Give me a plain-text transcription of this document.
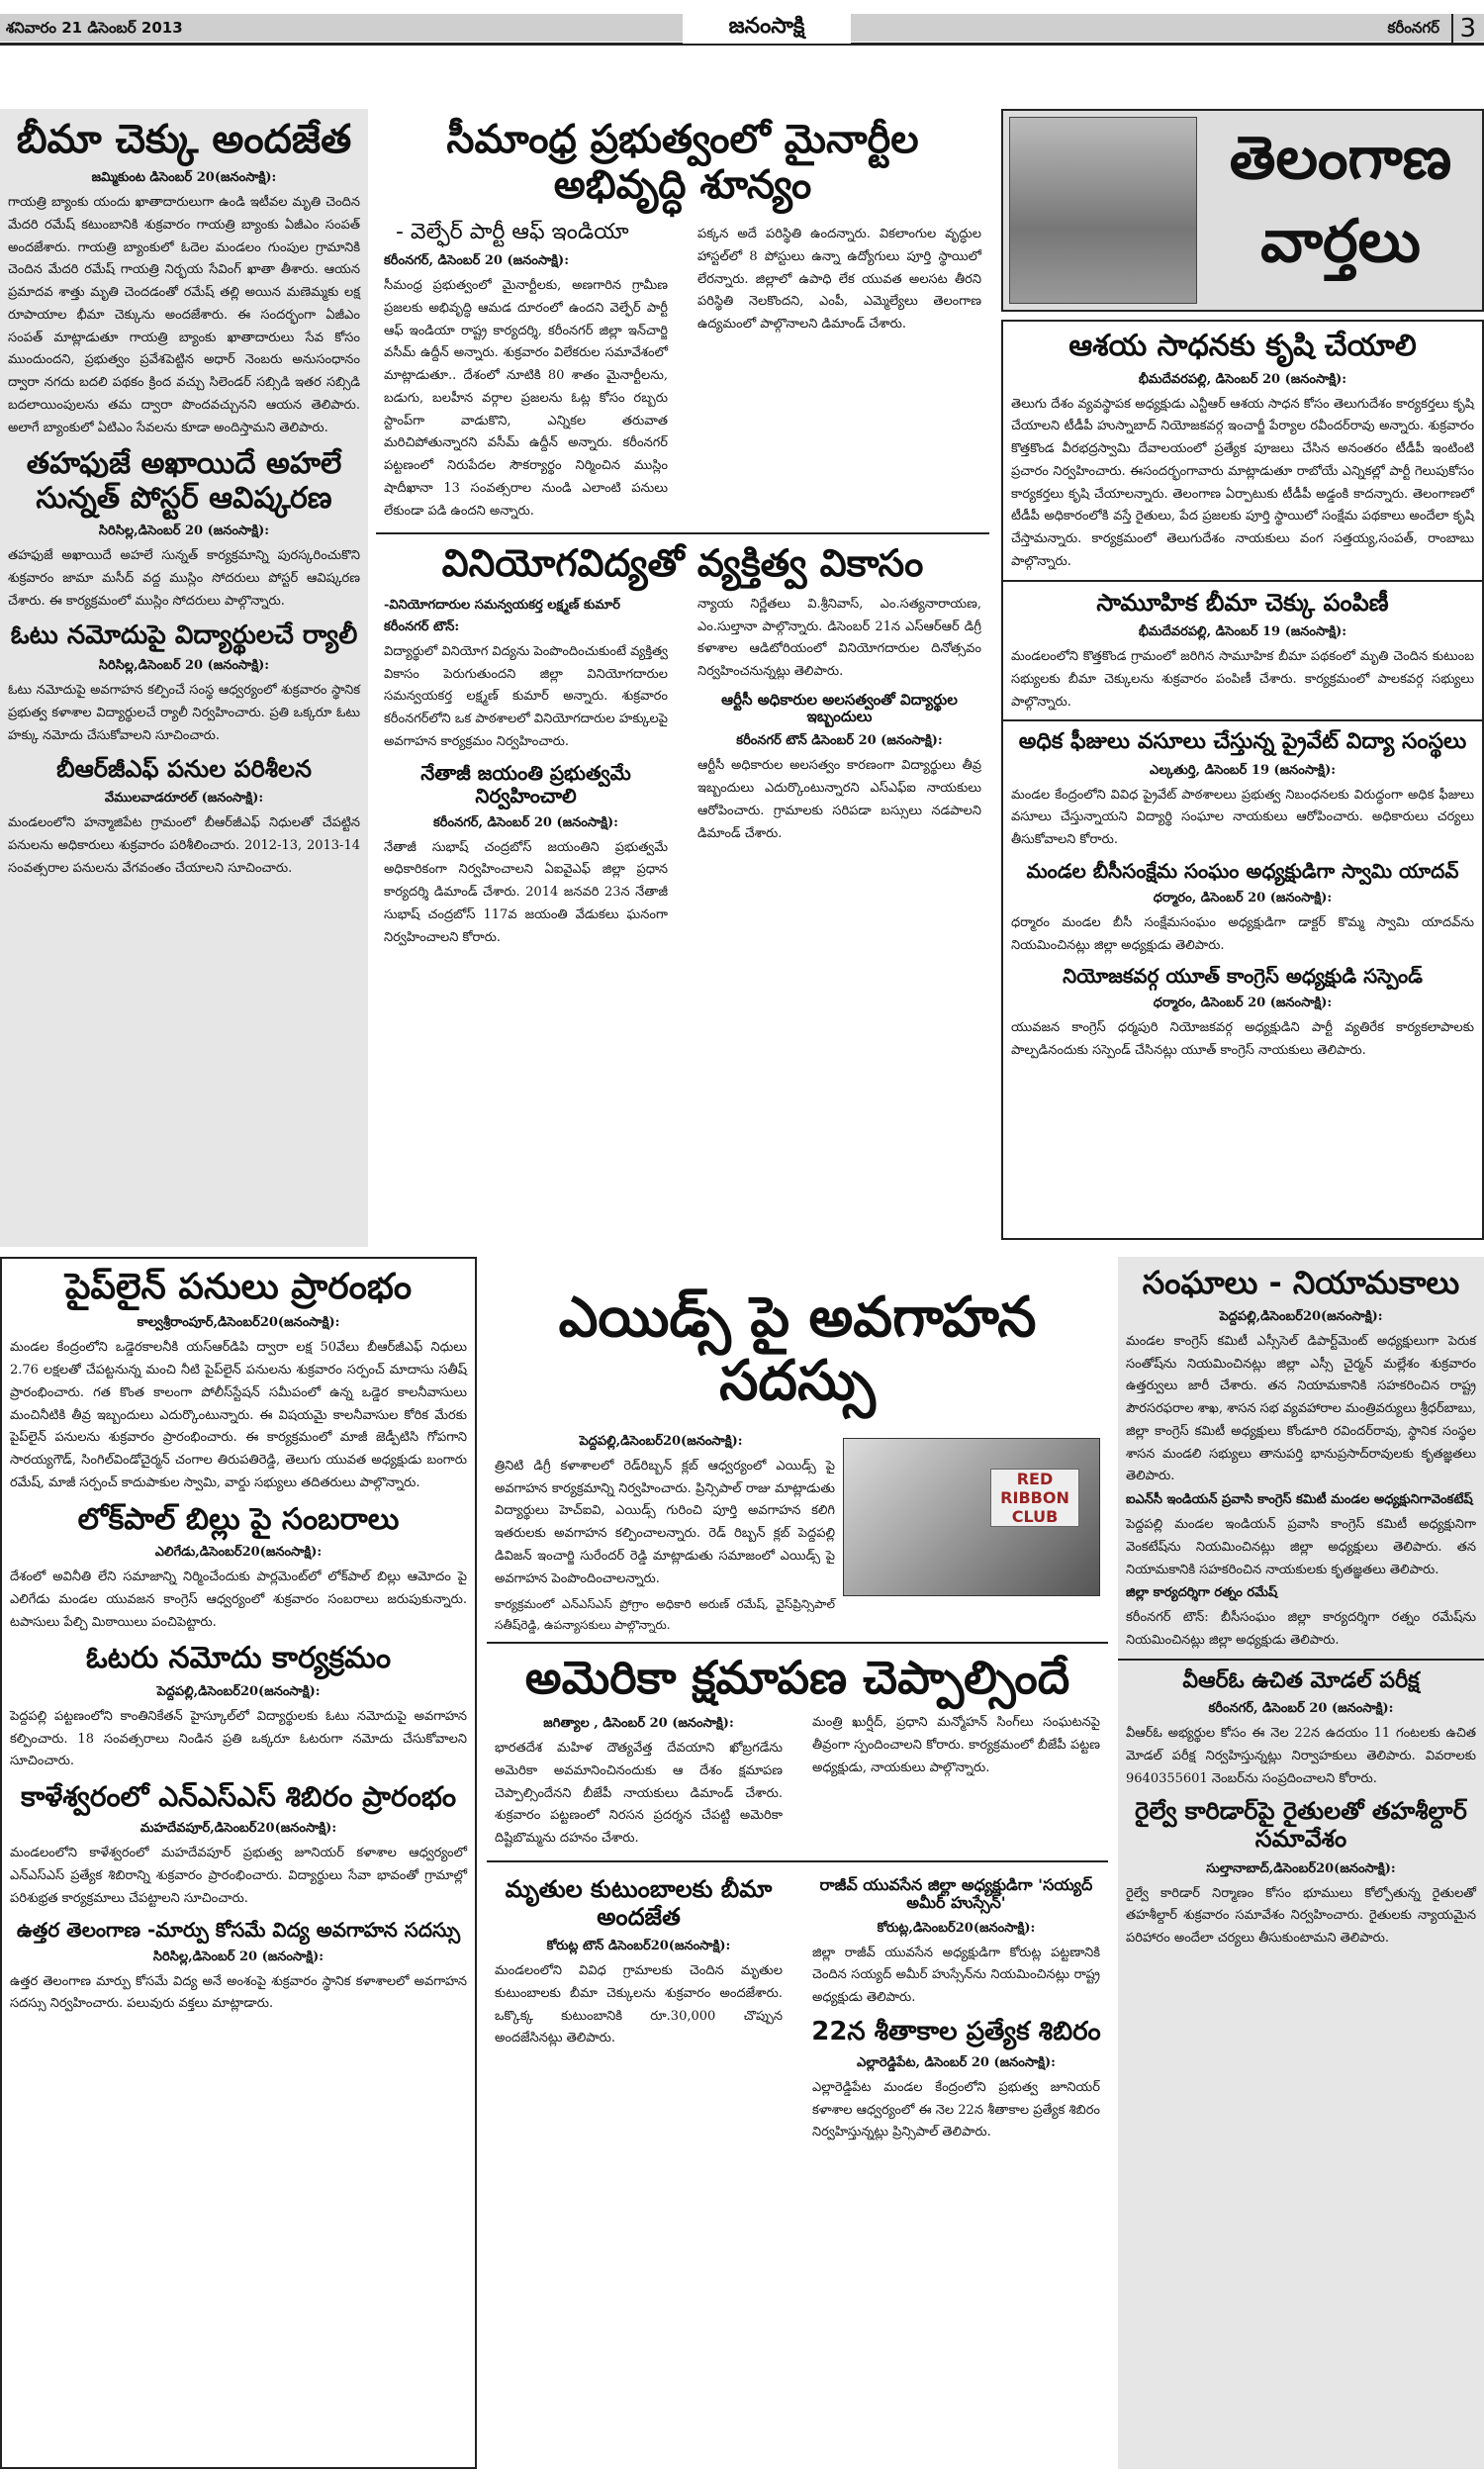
శనివారం 21 డిసెంబర్ 2013	జనంసాక్షి	కరీంనగర్ 3
బీమా చెక్కు అందజేత
జమ్మికుంట డిసెంబర్ 20(జనంసాక్షి):

గాయత్రి బ్యాంకు యందు ఖాతాదారులుగా ఉండి ఇటీవల మృతి చెందిన మేదరి రమేష్ కటుంబానికి శుక్రవారం గాయత్రి బ్యాంకు ఏజీఎం సంపత్ అందజేశారు. గాయత్రి బ్యాంకులో ఓదెల మండలం గుంపుల గ్రామానికి చెందిన మేదరి రమేష్ గాయత్రి నిర్భయ సేవింగ్ ఖాతా తీశారు. ఆయన ప్రమాదవ శాత్తు మృతి చెందడంతో రమేష్ తల్లి అయిన మణెమ్మకు లక్ష రూపాయాల భీమా చెక్కును అందజేశారు. ఈ సందర్భంగా ఏజీఎం సంపత్ మాట్లాడుతూ గాయత్రి బ్యాంకు ఖాతాదారులు సేవ కోసం ముందుందని, ప్రభుత్వం ప్రవేశపెట్టిన అధార్ నెంబరు అనుసంధానం ద్వారా నగదు బదలి పథకం క్రింద వచ్చు సిలెండర్ సబ్సిడి ఇతర సబ్సిడి బదలాయింపులను తమ ద్వారా పొందవచ్చునని ఆయన తెలిపారు. అలాగే బ్యాంకులో ఏటిఎం సేవలను కూడా అందిస్తామని తెలిపారు.

తహఫుజే అఖాయిదే అహలే సున్నత్ పోస్టర్ ఆవిష్కరణ
సిరిసిల్ల,డిసెంబర్ 20 (జనంసాక్షి):

తహఫుజే అఖాయిదే అహలే సున్నత్ కార్యక్రమాన్ని పురస్కరించుకొని శుక్రవారం జామా మసీద్ వద్ద ముస్లిం సోదరులు పోస్టర్ ఆవిష్కరణ చేశారు. ఈ కార్యక్రమంలో ముస్లిం సోదరులు పాల్గొన్నారు.

ఓటు నమోదుపై విద్యార్థులచే ర్యాలీ
సిరిసిల్ల,డిసెంబర్ 20 (జనంసాక్షి):

ఓటు నమోదుపై అవగాహన కల్పించే సంస్థ ఆధ్వర్యంలో శుక్రవారం స్థానిక ప్రభుత్వ కళాశాల విద్యార్థులచే ర్యాలీ నిర్వహించారు. ప్రతి ఒక్కరూ ఓటు హక్కు నమోదు చేసుకోవాలని సూచించారు.

బీఆర్‌జీఎఫ్ పనుల పరిశీలన
వేములవాడరూరల్ (జనంసాక్షి):

మండలంలోని హన్మాజిపేట గ్రామంలో బీఆర్‌జీఎఫ్ నిధులతో చేపట్టిన పనులను అధికారులు శుక్రవారం పరిశీలించారు. 2012-13, 2013-14 సంవత్సరాల పనులను వేగవంతం చేయాలని సూచించారు.

సీమాంధ్ర ప్రభుత్వంలో మైనార్టీల అభివృద్ధి శూన్యం
- వెల్ఫేర్ పార్టీ ఆఫ్ ఇండియా
కరీంనగర్, డిసెంబర్ 20 (జనంసాక్షి):

సీమంధ్ర ప్రభుత్వంలో మైనార్టీలకు, అణగారిన గ్రామీణ ప్రజలకు అభివృద్ధి ఆమడ దూరంలో ఉందని వెల్ఫేర్ పార్టీ ఆఫ్ ఇండియా రాష్ట్ర కార్యదర్శి, కరీంనగర్ జిల్లా ఇన్‌చార్జి వసీమ్ ఉద్దీన్ అన్నారు. శుక్రవారం విలేకరుల సమావేశంలో మాట్లాడుతూ.. దేశంలో నూటికి 80 శాతం మైనార్టీలను, బడుగు, బలహీన వర్గాల ప్రజలను ఓట్ల కోసం రబ్బరు స్టాంప్‌గా వాడుకొని, ఎన్నికల తరువాత మరిచిపోతున్నారని వసీమ్ ఉద్దీన్ అన్నారు. కరీంనగర్ పట్టణంలో నిరుపేదల సౌకర్యార్థం నిర్మించిన ముస్లిం షాదీఖానా 13 సంవత్సరాల నుండి ఎలాంటి పనులు లేకుండా పడి ఉందని అన్నారు.

పక్కన అదే పరిస్థితి ఉందన్నారు. వికలాంగుల వృద్ధుల హాస్టల్‌లో 8 పోస్టులు ఉన్నా ఉద్యోగులు పూర్తి స్థాయిలో లేరన్నారు. జిల్లాలో ఉపాధి లేక యువత అలసట తీరని పరిస్థితి నెలకొందని, ఎంపీ, ఎమ్మెల్యేలు తెలంగాణ ఉద్యమంలో పాల్గొనాలని డిమాండ్ చేశారు.

వినియోగవిద్యతో వ్యక్తిత్వ వికాసం
-వినియోగదారుల సమన్వయకర్త లక్ష్మణ్ కుమార్
కరీంనగర్ టౌన్:

విద్యార్థులో వినియోగ విద్యను పెంపొందించుకుంటే వ్యక్తిత్వ వికాసం పెరుగుతుందని జిల్లా వినియోగదారుల సమన్వయకర్త లక్ష్మణ్ కుమార్ అన్నారు. శుక్రవారం కరీంనగర్‌లోని ఒక పాఠశాలలో వినియోగదారుల హక్కులపై అవగాహన కార్యక్రమం నిర్వహించారు.

నేతాజీ జయంతి ప్రభుత్వమే నిర్వహించాలి
కరీంనగర్, డిసెంబర్ 20 (జనంసాక్షి):

నేతాజీ సుభాష్ చంద్రబోస్ జయంతిని ప్రభుత్వమే అధికారికంగా నిర్వహించాలని ఏఐవైఎఫ్ జిల్లా ప్రధాన కార్యదర్శి డిమాండ్ చేశారు. 2014 జనవరి 23న నేతాజీ సుభాష్ చంద్రబోస్ 117వ జయంతి వేడుకలు ఘనంగా నిర్వహించాలని కోరారు.

న్యాయ నిర్ణేతలు వి.శ్రీనివాస్, ఎం.సత్యనారాయణ, ఎం.సుల్తానా పాల్గొన్నారు. డిసెంబర్ 21న ఎస్‌ఆర్‌ఆర్ డిగ్రీ కళాశాల ఆడిటోరియంలో వినియోగదారుల దినోత్సవం నిర్వహించనున్నట్లు తెలిపారు.

ఆర్టీసీ అధికారుల అలసత్వంతో విద్యార్థుల ఇబ్బందులు
కరీంనగర్ టౌన్ డిసెంబర్ 20 (జనంసాక్షి):

ఆర్టీసీ అధికారుల అలసత్వం కారణంగా విద్యార్థులు తీవ్ర ఇబ్బందులు ఎదుర్కొంటున్నారని ఎస్‌ఎఫ్‌ఐ నాయకులు ఆరోపించారు. గ్రామాలకు సరిపడా బస్సులు నడపాలని డిమాండ్ చేశారు.

తెలంగాణ
వార్తలు
ఆశయ సాధనకు కృషి చేయాలి
భీమదేవరపల్లి, డిసెంబర్ 20 (జనంసాక్షి):

తెలుగు దేశం వ్యవస్థాపక అధ్యక్షుడు ఎన్టీఆర్ ఆశయ సాధన కోసం తెలుగుదేశం కార్యకర్తలు కృషి చేయాలని టీడీపీ హుస్నాబాద్ నియోజకవర్గ ఇంచార్జీ పేర్యాల రవీందర్‌రావు అన్నారు. శుక్రవారం కొత్తకొండ వీరభద్రస్వామి దేవాలయంలో ప్రత్యేక పూజలు చేసిన అనంతరం టీడీపీ ఇంటింటి ప్రచారం నిర్వహించారు. ఈసందర్భంగావారు మాట్లాడుతూ రాబోయే ఎన్నికల్లో పార్టీ గెలుపుకోసం కార్యకర్తలు కృషి చేయాలన్నారు. తెలంగాణ ఏర్పాటుకు టీడీపీ అడ్డంకి కాదన్నారు. తెలంగాణలో టీడీపీ అధికారంలోకి వస్తే రైతులు, పేద ప్రజలకు పూర్తి స్థాయిలో సంక్షేమ పథకాలు అందేలా కృషి చేస్తామన్నారు. కార్యక్రమంలో తెలుగుదేశం నాయకులు వంగ సత్తయ్య,సంపత్, రాంబాబు పాల్గొన్నారు.

సామూహిక బీమా చెక్కు పంపిణీ
భీమదేవరపల్లి, డిసెంబర్ 19 (జనంసాక్షి):

మండలంలోని కొత్తకొండ గ్రామంలో జరిగిన సామూహిక బీమా పథకంలో మృతి చెందిన కుటుంబ సభ్యులకు బీమా చెక్కులను శుక్రవారం పంపిణీ చేశారు. కార్యక్రమంలో పాలకవర్గ సభ్యులు పాల్గొన్నారు.

అధిక ఫీజులు వసూలు చేస్తున్న ప్రైవేట్ విద్యా సంస్థలు
ఎల్కతుర్తి, డిసెంబర్ 19 (జనంసాక్షి):

మండల కేంద్రంలోని వివిధ ప్రైవేట్ పాఠశాలలు ప్రభుత్వ నిబంధనలకు విరుద్ధంగా అధిక ఫీజులు వసూలు చేస్తున్నాయని విద్యార్థి సంఘాల నాయకులు ఆరోపించారు. అధికారులు చర్యలు తీసుకోవాలని కోరారు.

మండల బీసీసంక్షేమ సంఘం అధ్యక్షుడిగా స్వామి యాదవ్
ధర్మారం, డిసెంబర్ 20 (జనంసాక్షి):

ధర్మారం మండల బీసీ సంక్షేమసంఘం అధ్యక్షుడిగా డాక్టర్ కొమ్మ స్వామి యాదవ్‌ను నియమించినట్లు జిల్లా అధ్యక్షుడు తెలిపారు.

నియోజకవర్గ యూత్ కాంగ్రెస్ అధ్యక్షుడి సస్పెండ్
ధర్మారం, డిసెంబర్ 20 (జనంసాక్షి):

యువజన కాంగ్రెస్ ధర్మపురి నియోజకవర్గ అధ్యక్షుడిని పార్టీ వ్యతిరేక కార్యకలాపాలకు పాల్పడినందుకు సస్పెండ్ చేసినట్లు యూత్ కాంగ్రెస్ నాయకులు తెలిపారు.

పైప్‌లైన్ పనులు ప్రారంభం
కాల్వశ్రీరాంపూర్,డిసెంబర్20(జనంసాక్షి):

మండల కేంద్రంలోని ఒడ్డెరకాలనీకి యస్‌ఆర్‌డిపి ద్వారా లక్ష 50వేలు బీఆర్‌జీఎఫ్ నిధులు 2.76 లక్షలతో చేపట్టనున్న మంచి నీటి పైప్‌లైన్ పనులను శుక్రవారం సర్పంచ్ మాదాసు సతీష్ ప్రారంభించారు. గత కొంత కాలంగా పోలీస్‌స్టేషన్ సమీపంలో ఉన్న ఒడ్డెర కాలనీవాసులు మంచినీటికి తీవ్ర ఇబ్బందులు ఎదుర్కొంటున్నారు. ఈ విషయమై కాలనీవాసుల కోరిక మేరకు పైప్‌లైన్ పనులను శుక్రవారం ప్రారంభించారు. ఈ కార్యక్రమంలో మాజీ జెడ్పీటిసి గోపగాని సారయ్యగౌడ్, సింగిల్‌విండోచైర్మన్ చంగాల తిరుపతిరెడ్డి, తెలుగు యువత అధ్యక్షుడు బంగారు రమేష్, మాజీ సర్పంచ్ కాదుపాకుల స్వామి, వార్డు సభ్యులు తదితరులు పాల్గొన్నారు.

లోక్‌పాల్ బిల్లు పై సంబరాలు
ఎలిగేడు,డిసెంబర్20(జనంసాక్షి):

దేశంలో అవినీతి లేని సమాజాన్ని నిర్మించేందుకు పార్లమెంట్‌లో లోక్‌పాల్ బిల్లు ఆమోదం పై ఎలిగేడు మండల యువజన కాంగ్రెస్ ఆధ్వర్యంలో శుక్రవారం సంబరాలు జరుపుకున్నారు. టపాసులు పేల్చి మిఠాయిలు పంచిపెట్టారు.

ఓటరు నమోదు కార్యక్రమం
పెద్దపల్లి,డిసెంబర్20(జనంసాక్షి):

పెద్దపల్లి పట్టణంలోని కాంతినికేతన్ హైస్కూల్‌లో విద్యార్థులకు ఓటు నమోదుపై అవగాహన కల్పించారు. 18 సంవత్సరాలు నిండిన ప్రతి ఒక్కరూ ఓటరుగా నమోదు చేసుకోవాలని సూచించారు.

కాళేశ్వరంలో ఎన్ఎస్ఎస్ శిబిరం ప్రారంభం
మహదేవపూర్,డిసెంబర్20(జనంసాక్షి):

మండలంలోని కాళేశ్వరంలో మహదేవపూర్ ప్రభుత్వ జూనియర్ కళాశాల ఆధ్వర్యంలో ఎన్ఎస్ఎస్ ప్రత్యేక శిబిరాన్ని శుక్రవారం ప్రారంభించారు. విద్యార్థులు సేవా భావంతో గ్రామాల్లో పరిశుభ్రత కార్యక్రమాలు చేపట్టాలని సూచించారు.

ఉత్తర తెలంగాణ -మార్పు కోసమే విద్య అవగాహన సదస్సు
సిరిసిల్ల,డిసెంబర్ 20 (జనంసాక్షి):

ఉత్తర తెలంగాణ మార్పు కోసమే విద్య అనే అంశంపై శుక్రవారం స్థానిక కళాశాలలో అవగాహన సదస్సు నిర్వహించారు. పలువురు వక్తలు మాట్లాడారు.

ఎయిడ్స్ పై అవగాహన సదస్సు
RED RIBBON CLUB
పెద్దపల్లి,డిసెంబర్20(జనంసాక్షి):

త్రినిటి డిగ్రీ కళాశాలలో రెడ్‌రిబ్బన్ క్లబ్ ఆధ్వర్యంలో ఎయిడ్స్ పై అవగాహన కార్యక్రమాన్ని నిర్వహించారు. ప్రిన్సిపాల్ రాజు మాట్లాడుతు విద్యార్థులు హెచ్‌ఐవి, ఎయిడ్స్ గురించి పూర్తి అవగాహన కలిగి ఇతరులకు అవగాహన కల్పించాలన్నారు. రెడ్ రిబ్బన్ క్లబ్ పెద్దపల్లి డివిజన్ ఇంచార్జి సురేందర్ రెడ్డి మాట్లాడుతు సమాజంలో ఎయిడ్స్ పై అవగాహన పెంపొందించాలన్నారు.

కార్యక్రమంలో ఎన్ఎస్ఎస్ ప్రోగ్రాం అధికారి అరుణ్ రమేష్, వైస్‌ప్రిన్సిపాల్ సతీష్‌రెడ్డి, ఉపన్యాసకులు పాల్గొన్నారు.

అమెరికా క్షమాపణ చెప్పాల్సిందే
జగిత్యాల , డిసెంబర్ 20 (జనంసాక్షి):

భారతదేశ మహిళ దౌత్యవేత్త దేవయాని ఖోబ్రగడేను అమెరికా అవమానించినందుకు ఆ దేశం క్షమాపణ చెప్పాల్సిందేనని బీజేపీ నాయకులు డిమాండ్ చేశారు. శుక్రవారం పట్టణంలో నిరసన ప్రదర్శన చేపట్టి అమెరికా దిష్టిబొమ్మను దహనం చేశారు.

మంత్రి ఖుర్షీద్, ప్రధాని మన్మోహన్ సింగ్‌లు సంఘటనపై తీవ్రంగా స్పందించాలని కోరారు. కార్యక్రమంలో బీజేపీ పట్టణ అధ్యక్షుడు, నాయకులు పాల్గొన్నారు.

మృతుల కుటుంబాలకు బీమా అందజేత
కోరుట్ల టౌన్ డిసెంబర్20(జనంసాక్షి):

మండలంలోని వివిధ గ్రామాలకు చెందిన మృతుల కుటుంబాలకు బీమా చెక్కులను శుక్రవారం అందజేశారు. ఒక్కొక్క కుటుంబానికి రూ.30,000 చొప్పున అందజేసినట్లు తెలిపారు.

రాజీవ్ యువసేన జిల్లా అధ్యక్షుడిగా 'సయ్యద్ అమీర్ హుస్సేన్'
కోరుట్ల,డిసెంబర్20(జనంసాక్షి):

జిల్లా రాజీవ్ యువసేన అధ్యక్షుడిగా కోరుట్ల పట్టణానికి చెందిన సయ్యద్ అమీర్ హుస్సేన్‌ను నియమించినట్లు రాష్ట్ర అధ్యక్షుడు తెలిపారు.

22న శీతాకాల ప్రత్యేక శిబిరం
ఎల్లారెడ్డిపేట, డిసెంబర్ 20 (జనంసాక్షి):

ఎల్లారెడ్డిపేట మండల కేంద్రంలోని ప్రభుత్వ జూనియర్ కళాశాల ఆధ్వర్యంలో ఈ నెల 22న శీతాకాల ప్రత్యేక శిబిరం నిర్వహిస్తున్నట్లు ప్రిన్సిపాల్ తెలిపారు.

సంఘాలు - నియామకాలు
పెద్దపల్లి,డిసెంబర్20(జనంసాక్షి):

మండల కాంగ్రెస్ కమిటీ ఎస్సీసెల్ డిపార్ట్‌మెంట్ అధ్యక్షులుగా పెరుక సంతోష్‌ను నియమించినట్లు జిల్లా ఎస్సీ చైర్మన్ మల్లేశం శుక్రవారం ఉత్తర్వులు జారీ చేశారు. తన నియామకానికి సహకరించిన రాష్ట్ర పౌరసరఫరాల శాఖ, శాసన సభ వ్యవహారాల మంత్రివర్యులు శ్రీధర్‌బాబు, జిల్లా కాంగ్రెస్ కమిటీ అధ్యక్షులు కోండూరి రవిందర్‌రావు, స్థానిక సంస్థల శాసన మండలి సభ్యులు తానుపర్తి భానుప్రసాద్‌రావులకు కృతజ్ఞతలు తెలిపారు.

ఐఎన్‌సీ ఇండియన్ ప్రవాసి కాంగ్రెస్ కమిటీ మండల అధ్యక్షునిగావెంకటేష్

పెద్దపల్లి మండల ఇండియన్ ప్రవాసి కాంగ్రెస్ కమిటీ అధ్యక్షునిగా వెంకటేష్‌ను నియమించినట్లు జిల్లా అధ్యక్షులు తెలిపారు. తన నియామకానికి సహకరించిన నాయకులకు కృతజ్ఞతలు తెలిపారు.

జిల్లా కార్యదర్శిగా రత్నం రమేష్

కరీంనగర్ టౌన్: బీసీసంఘం జిల్లా కార్యదర్శిగా రత్నం రమేష్‌ను నియమించినట్లు జిల్లా అధ్యక్షుడు తెలిపారు.

వీఆర్ఓ ఉచిత మోడల్ పరీక్ష
కరీంనగర్, డిసెంబర్ 20 (జనంసాక్షి):

వీఆర్ఓ అభ్యర్థుల కోసం ఈ నెల 22న ఉదయం 11 గంటలకు ఉచిత మోడల్ పరీక్ష నిర్వహిస్తున్నట్లు నిర్వాహకులు తెలిపారు. వివరాలకు 9640355601 నెంబర్‌ను సంప్రదించాలని కోరారు.

రైల్వే కారిడార్‌పై రైతులతో తహశీల్దార్ సమావేశం
సుల్తానాబాద్,డిసెంబర్20(జనంసాక్షి):

రైల్వే కారిడార్ నిర్మాణం కోసం భూములు కోల్పోతున్న రైతులతో తహశీల్దార్ శుక్రవారం సమావేశం నిర్వహించారు. రైతులకు న్యాయమైన పరిహారం అందేలా చర్యలు తీసుకుంటామని తెలిపారు.
